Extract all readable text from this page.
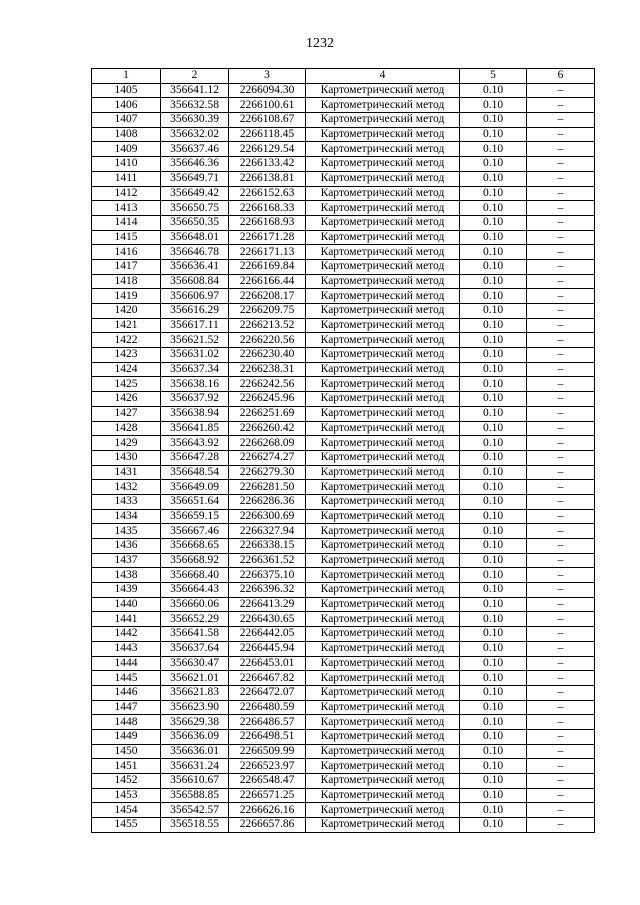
1232
1	2	3	4	5	6
1405	356641.12	2266094.30	Картометрический метод	0.10	–
1406	356632.58	2266100.61	Картометрический метод	0.10	–
1407	356630.39	2266108.67	Картометрический метод	0.10	–
1408	356632.02	2266118.45	Картометрический метод	0.10	–
1409	356637.46	2266129.54	Картометрический метод	0.10	–
1410	356646.36	2266133.42	Картометрический метод	0.10	–
1411	356649.71	2266138.81	Картометрический метод	0.10	–
1412	356649.42	2266152.63	Картометрический метод	0.10	–
1413	356650.75	2266168.33	Картометрический метод	0.10	–
1414	356650.35	2266168.93	Картометрический метод	0.10	–
1415	356648.01	2266171.28	Картометрический метод	0.10	–
1416	356646.78	2266171.13	Картометрический метод	0.10	–
1417	356636.41	2266169.84	Картометрический метод	0.10	–
1418	356608.84	2266166.44	Картометрический метод	0.10	–
1419	356606.97	2266208.17	Картометрический метод	0.10	–
1420	356616.29	2266209.75	Картометрический метод	0.10	–
1421	356617.11	2266213.52	Картометрический метод	0.10	–
1422	356621.52	2266220.56	Картометрический метод	0.10	–
1423	356631.02	2266230.40	Картометрический метод	0.10	–
1424	356637.34	2266238.31	Картометрический метод	0.10	–
1425	356638.16	2266242.56	Картометрический метод	0.10	–
1426	356637.92	2266245.96	Картометрический метод	0.10	–
1427	356638.94	2266251.69	Картометрический метод	0.10	–
1428	356641.85	2266260.42	Картометрический метод	0.10	–
1429	356643.92	2266268.09	Картометрический метод	0.10	–
1430	356647.28	2266274.27	Картометрический метод	0.10	–
1431	356648.54	2266279.30	Картометрический метод	0.10	–
1432	356649.09	2266281.50	Картометрический метод	0.10	–
1433	356651.64	2266286.36	Картометрический метод	0.10	–
1434	356659.15	2266300.69	Картометрический метод	0.10	–
1435	356667.46	2266327.94	Картометрический метод	0.10	–
1436	356668.65	2266338.15	Картометрический метод	0.10	–
1437	356668.92	2266361.52	Картометрический метод	0.10	–
1438	356668.40	2266375.10	Картометрический метод	0.10	–
1439	356664.43	2266396.32	Картометрический метод	0.10	–
1440	356660.06	2266413.29	Картометрический метод	0.10	–
1441	356652.29	2266430.65	Картометрический метод	0.10	–
1442	356641.58	2266442.05	Картометрический метод	0.10	–
1443	356637.64	2266445.94	Картометрический метод	0.10	–
1444	356630.47	2266453.01	Картометрический метод	0.10	–
1445	356621.01	2266467.82	Картометрический метод	0.10	–
1446	356621.83	2266472.07	Картометрический метод	0.10	–
1447	356623.90	2266480.59	Картометрический метод	0.10	–
1448	356629.38	2266486.57	Картометрический метод	0.10	–
1449	356636.09	2266498.51	Картометрический метод	0.10	–
1450	356636.01	2266509.99	Картометрический метод	0.10	–
1451	356631.24	2266523.97	Картометрический метод	0.10	–
1452	356610.67	2266548.47	Картометрический метод	0.10	–
1453	356588.85	2266571.25	Картометрический метод	0.10	–
1454	356542.57	2266626.16	Картометрический метод	0.10	–
1455	356518.55	2266657.86	Картометрический метод	0.10	–
